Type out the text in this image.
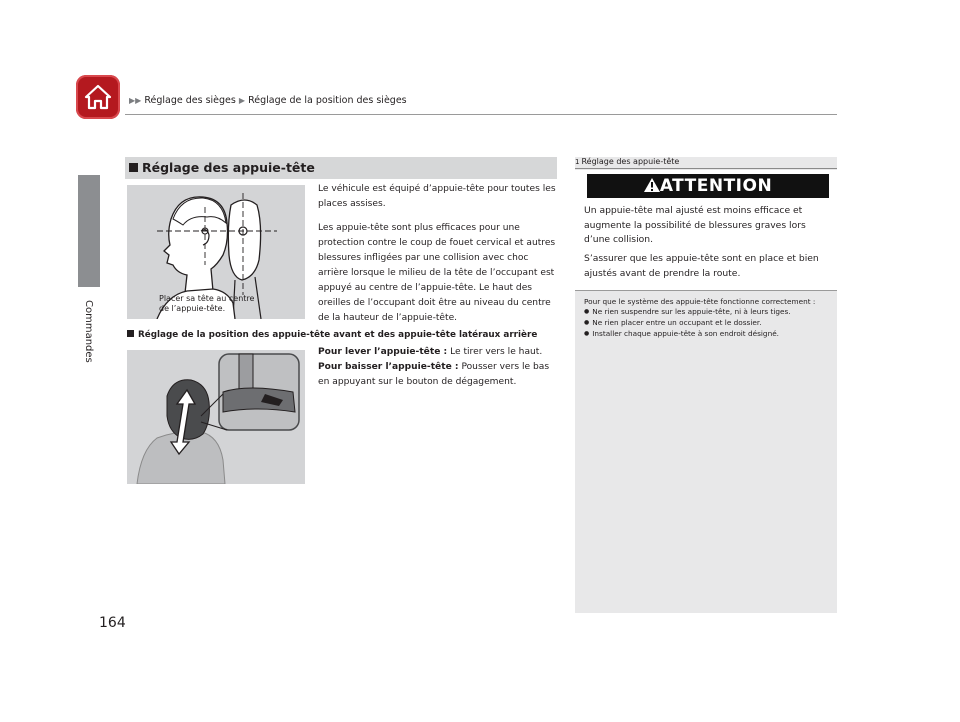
▶▶ Réglage des sièges ▶ Réglage de la position des sièges
Commandes
Réglage des appuie-tête
Placer sa tête au centre
de l’appuie-tête.
Le véhicule est équipé d’appuie-tête pour toutes les places assises.
Les appuie-tête sont plus efficaces pour une protection contre le coup de fouet cervical et autres blessures infligées par une collision avec choc arrière lorsque le milieu de la tête de l’occupant est appuyé au centre de l’appuie-tête. Le haut des oreilles de l’occupant doit être au niveau du centre de la hauteur de l’appuie-tête.
Réglage de la position des appuie-tête avant et des appuie-tête latéraux arrière
Pour lever l’appuie-tête : Le tirer vers le haut.
Pour baisser l’appuie-tête : Pousser vers le bas en appuyant sur le bouton de dégagement.
1 Réglage des appuie-tête
ATTENTION
Un appuie-tête mal ajusté est moins efficace et augmente la possibilité de blessures graves lors d’une collision.
S’assurer que les appuie-tête sont en place et bien ajustés avant de prendre la route.
Pour que le système des appuie-tête fonctionne correctement :
● Ne rien suspendre sur les appuie-tête, ni à leurs tiges.
● Ne rien placer entre un occupant et le dossier.
● Installer chaque appuie-tête à son endroit désigné.
164
